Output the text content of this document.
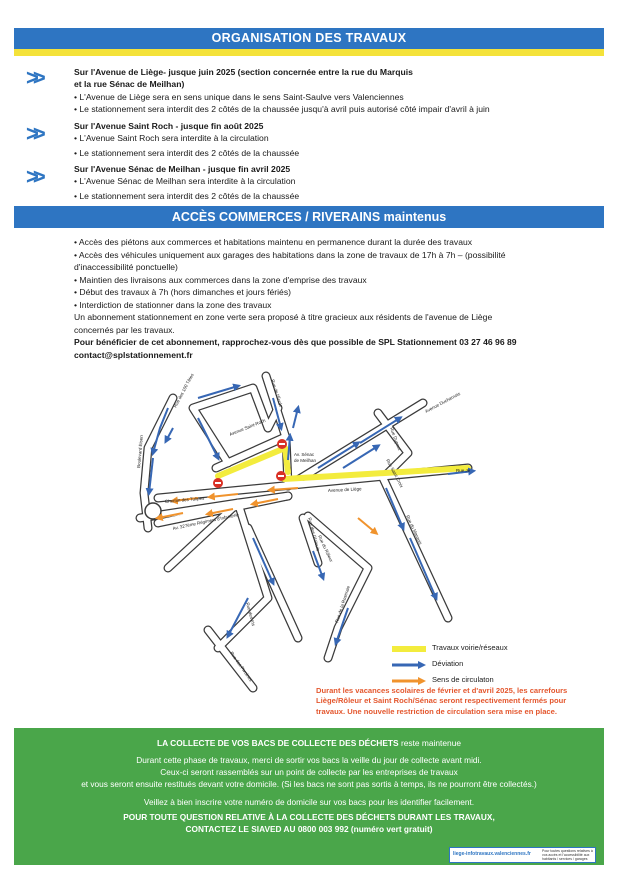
ORGANISATION DES TRAVAUX
>>	Sur l'Avenue de Liège- jusque juin 2025 (section concernée entre la rue du Marquis
et la rue Sénac de Meilhan)
• L'Avenue de Liège sera en sens unique dans le sens Saint-Saulve vers Valenciennes
• Le stationnement sera interdit des 2 côtés de la chaussée jusqu'à avril puis autorisé côté impair d'avril à juin
>>	Sur l'Avenue Saint Roch - jusque fin août 2025
• L'Avenue Saint Roch sera interdite à la circulation
• Le stationnement sera interdit des 2 côtés de la chaussée
>>	Sur l'Avenue Sénac de Meilhan - jusque fin avril 2025
• L'Avenue Sénac de Meilhan sera interdite à la circulation
• Le stationnement sera interdit des 2 côtés de la chaussée
ACCÈS COMMERCES / RIVERAINS maintenus
• Accès des piétons aux commerces et habitations maintenu en permanence durant la durée des travaux
• Accès des véhicules uniquement aux garages des habitations dans la zone de travaux de 17h à 7h – (possibilité
d'inaccessibilité ponctuelle)
• Maintien des livraisons aux commerces dans la zone d'emprise des travaux
• Début des travaux à 7h (hors dimanches et jours fériés)
• Interdiction de stationner dans la zone des travaux
Un abonnement stationnement en zone verte sera proposé à titre gracieux aux résidents de l'avenue de Liège
concernés par les travaux.
Pour bénéficier de cet abonnement, rapprochez-vous dès que possible de SPL Stationnement 03 27 46 96 89
contact@splstationnement.fr
Rue des 100 Têtes	Rue de l'École	Avenue Ducharnois
Avenue Saint-Roch
Av. Sénac
de Meilhan
Rue Dupont
Boulevard Eisen
Chemin des Tulipes
Avenue de Liège
Rue Je
Av. 327ème Régiment d'Infanterie	Rue des Glaïeuls
Rue du Rôleur
Rue du Marquis
Rue des Iris	Rue de la Roseraie
Rue des Pivoines
Rue Saint Croix
Travaux voirie/réseaux
Déviation
Sens de circulaton
Durant les vacances scolaires de février et d'avril 2025, les carrefours Liège/Rôleur et Saint Roch/Sénac seront respectivement fermés pour travaux. Une nouvelle restriction de circulation sera mise en place.
LA COLLECTE DE VOS BACS DE COLLECTE DES DÉCHETS reste maintenue
Durant cette phase de travaux, merci de sortir vos bacs la veille du jour de collecte avant midi.
Ceux-ci seront rassemblés sur un point de collecte par les entreprises de travaux
et vous seront ensuite restitués devant votre domicile. (Si les bacs ne sont pas sortis à temps, ils ne pourront être collectés.)
Veillez à bien inscrire votre numéro de domicile sur vos bacs pour les identifier facilement.
POUR TOUTE QUESTION RELATIVE À LA COLLECTE DES DÉCHETS DURANT LES TRAVAUX,
CONTACTEZ LE SIAVED AU 0800 003 992 (numéro vert gratuit)
liege-infotravaux.valenciennes.fr	Pour toutes questions relatives à vos accès et l'accessibilité aux habitants / services / garages
